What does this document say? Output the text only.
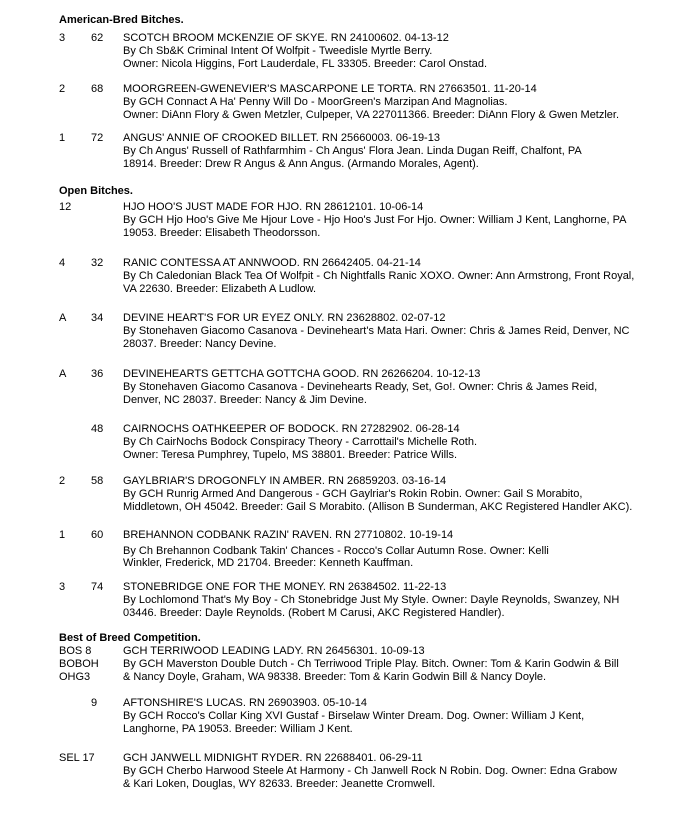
American-Bred Bitches.
3 62 SCOTCH BROOM MCKENZIE OF SKYE. RN 24100602. 04-13-12
By Ch Sb&K Criminal Intent Of Wolfpit - Tweedisle Myrtle Berry.
Owner: Nicola Higgins, Fort Lauderdale, FL 33305. Breeder: Carol Onstad.
2 68 MOORGREEN-GWENEVIER'S MASCARPONE LE TORTA. RN 27663501. 11-20-14
By GCH Connact A Ha' Penny Will Do - MoorGreen's Marzipan And Magnolias.
Owner: DiAnn Flory & Gwen Metzler, Culpeper, VA 227011366. Breeder: DiAnn Flory & Gwen Metzler.
1 72 ANGUS' ANNIE OF CROOKED BILLET. RN 25660003. 06-19-13
By Ch Angus' Russell of Rathfarmhim - Ch Angus' Flora Jean. Linda Dugan Reiff, Chalfont, PA
18914. Breeder: Drew R Angus & Ann Angus. (Armando Morales, Agent).
Open Bitches.
12	HJO HOO'S JUST MADE FOR HJO. RN 28612101. 10-06-14
By GCH Hjo Hoo's Give Me Hjour Love - Hjo Hoo's Just For Hjo. Owner: William J Kent, Langhorne, PA
19053. Breeder: Elisabeth Theodorsson.
4 32 RANIC CONTESSA AT ANNWOOD. RN 26642405. 04-21-14
By Ch Caledonian Black Tea Of Wolfpit - Ch Nightfalls Ranic XOXO. Owner: Ann Armstrong, Front Royal,
VA 22630. Breeder: Elizabeth A Ludlow.
A 34 DEVINE HEART'S FOR UR EYEZ ONLY. RN 23628802. 02-07-12
By Stonehaven Giacomo Casanova - Devineheart's Mata Hari. Owner: Chris & James Reid, Denver, NC
28037. Breeder: Nancy Devine.
A 36 DEVINEHEARTS GETTCHA GOTTCHA GOOD. RN 26266204. 10-12-13
By Stonehaven Giacomo Casanova - Devinehearts Ready, Set, Go!. Owner: Chris & James Reid,
Denver, NC 28037. Breeder: Nancy & Jim Devine.
48 CAIRNOCHS OATHKEEPER OF BODOCK. RN 27282902. 06-28-14
By Ch CairNochs Bodock Conspiracy Theory - Carrottail's Michelle Roth.
Owner: Teresa Pumphrey, Tupelo, MS 38801. Breeder: Patrice Wills.
2 58 GAYLBRIAR'S DROGONFLY IN AMBER. RN 26859203. 03-16-14
By GCH Runrig Armed And Dangerous - GCH Gaylriar's Rokin Robin. Owner: Gail S Morabito,
Middletown, OH 45042. Breeder: Gail S Morabito. (Allison B Sunderman, AKC Registered Handler AKC).
1 60 BREHANNON CODBANK RAZIN' RAVEN. RN 27710802. 10-19-14
By Ch Brehannon Codbank Takin' Chances - Rocco's Collar Autumn Rose. Owner: Kelli
Winkler, Frederick, MD 21704. Breeder: Kenneth Kauffman.
3 74 STONEBRIDGE ONE FOR THE MONEY. RN 26384502. 11-22-13
By Lochlomond That's My Boy - Ch Stonebridge Just My Style. Owner: Dayle Reynolds, Swanzey, NH
03446. Breeder: Dayle Reynolds. (Robert M Carusi, AKC Registered Handler).
Best of Breed Competition.
BOS 8
BOBOH
OHG3
GCH TERRIWOOD LEADING LADY. RN 26456301. 10-09-13
By GCH Maverston Double Dutch - Ch Terriwood Triple Play. Bitch. Owner: Tom & Karin Godwin & Bill
& Nancy Doyle, Graham, WA 98338. Breeder: Tom & Karin Godwin Bill & Nancy Doyle.
9 AFTONSHIRE'S LUCAS. RN 26903903. 05-10-14
By GCH Rocco's Collar King XVI Gustaf - Birselaw Winter Dream. Dog. Owner: William J Kent,
Langhorne, PA 19053. Breeder: William J Kent.
SEL 17	GCH JANWELL MIDNIGHT RYDER. RN 22688401. 06-29-11
By GCH Cherbo Harwood Steele At Harmony - Ch Janwell Rock N Robin. Dog. Owner: Edna Grabow
& Kari Loken, Douglas, WY 82633. Breeder: Jeanette Cromwell.
